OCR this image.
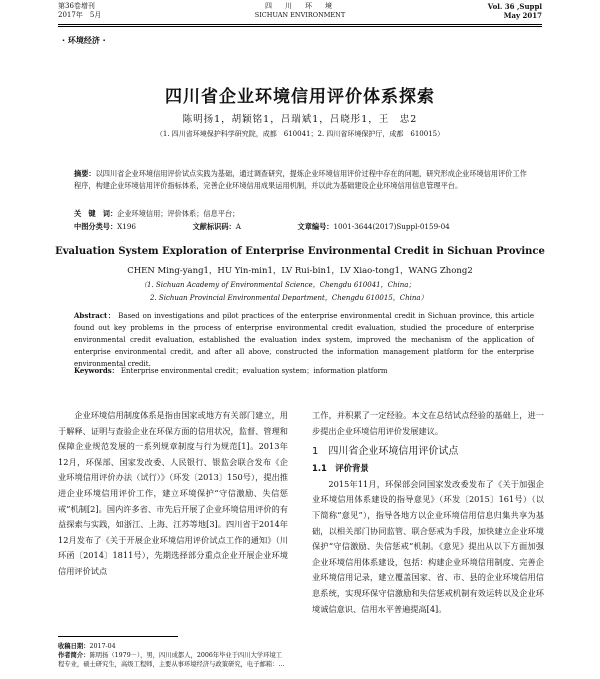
第36卷增刊
2017年　5月
四　川　环　境
SICHUAN ENVIRONMENT
Vol. 36 ,Suppl
May 2017
· 环境经济 ·
四川省企业环境信用评价体系探索
陈明扬1，胡颖铭1，吕瑞斌1，吕晓彤1，王　忠2
（1. 四川省环境保护科学研究院，成都　610041；2. 四川省环境保护厅，成都　610015）
摘要：以四川省企业环境信用评价试点实践为基础，通过调查研究，提炼企业环境信用评价过程中存在的问题，研究形成企业环境信用评价工作程序，构建企业环境信用评价指标体系，完善企业环境信用成果运用机制，并以此为基础建设企业环境信用信息管理平台。
关　键　词：企业环境信用；评价体系；信息平台；
中图分类号：X196	文献标识码：A	文章编号：1001-3644(2017)Suppl-0159-04
Evaluation System Exploration of Enterprise Environmental Credit in Sichuan Province
CHEN Ming-yang1，HU Yin-min1，LV Rui-bin1，LV Xiao-tong1，WANG Zhong2
（1. Sichuan Academy of Environmental Science，Chengdu 610041，China；
2. Sichuan Provincial Environmental Department，Chengdu 610015，China）
Abstract： Based on investigations and pilot practices of the enterprise environmental credit in Sichuan province, this article found out key problems in the process of enterprise environmental credit evaluation, studied the procedure of enterprise environmental credit evaluation, established the evaluation index system, improved the mechanism of the application of enterprise environmental credit, and after all above, constructed the information management platform for the enterprise environmental credit.
Keywords： Enterprise environmental credit；evaluation system；information platform
企业环境信用制度体系是指由国家或地方有关部门建立，用于解释、证明与查验企业在环保方面的信用状况，监督、管理和保障企业规范发展的一系列规章制度与行为规范[1]。2013年12月，环保部、国家发改委、人民银行、银监会联合发布《企业环境信用评价办法（试行）》（环发〔2013〕150号），提出推进企业环境信用评价工作，建立环境保护“守信激励、失信惩戒”机制[2]。国内许多省、市先后开展了企业环境信用评价的有益探索与实践，如浙江、上海、江苏等地[3]。四川省于2014年12月发布了《关于开展企业环境信用评价试点工作的通知》（川环函〔2014〕1811号），先期选择部分重点企业开展企业环境信用评价试点
工作，并积累了一定经验。本文在总结试点经验的基础上，进一步提出企业环境信用评价发展建议。
1　四川省企业环境信用评价试点
1.1　评价背景
2015年11月，环保部会同国家发改委发布了《关于加强企业环境信用体系建设的指导意见》（环发〔2015〕161号）（以下简称“意见”），指导各地方以企业环境信用信息归集共享为基础，以相关部门协同监管、联合惩戒为手段，加快建立企业环境保护“守信激励、失信惩戒”机制。《意见》提出从以下方面加强企业环境信用体系建设，包括：构建企业环境信用制度、完善企业环境信用记录，建立覆盖国家、省、市、县的企业环境信用信息系统，实现环保守信激励和失信惩戒机制有效运转以及企业环境诚信意识、信用水平普遍提高[4]。
收稿日期：2017-04
作者简介：陈明扬（1979－），男，四川成都人，2006年毕业于四川大学环境工程专业，硕士研究生，高级工程师，主要从事环境经济与政策研究，电子邮箱：...
